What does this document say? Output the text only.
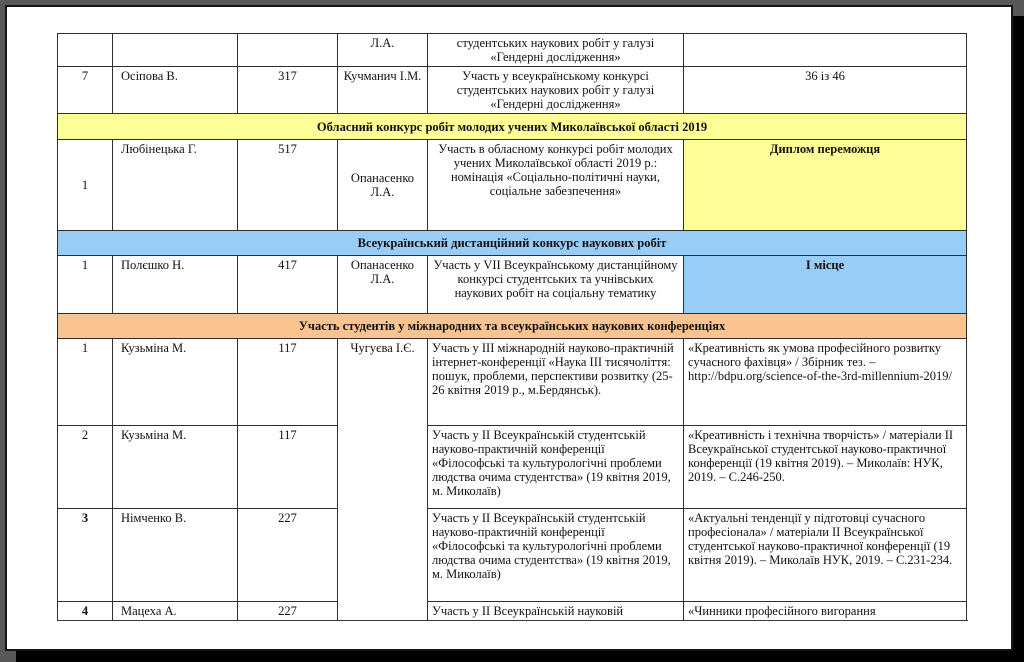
			Л.А.	студентських наукових робіт у галузі «Гендерні дослідження»	
7	Осіпова В.	317	Кучманич І.М.	Участь у всеукраїнському конкурсі студентських наукових робіт у галузі «Гендерні дослідження»	36 із 46
Обласний конкурс робіт молодих учених Миколаївської області 2019					
1	Любінецька Г.	517	Опанасенко Л.А.	Участь в обласному конкурсі робіт молодих учених Миколаївської області 2019 р.: номінація «Соціально-політичні науки, соціальне забезпечення»	Диплом переможця
Всеукраїнський дистанційний конкурс наукових робіт					
1	Полєшко Н.	417	Опанасенко Л.А.	Участь у VII Всеукраїнському дистанційному конкурсі студентських та учнівських наукових робіт на соціальну тематику	І місце
Участь студентів у міжнародних та всеукраїнських наукових конференціях					
1	Кузьміна М.	117	Чугуєва І.Є.	Участь у ІІІ міжнародній науково-практичній інтернет-конференції «Наука ІІІ тисячоліття: пошук, проблеми, перспективи розвитку (25-26 квітня 2019 р., м.Бердянськ).	«Креативність як умова професійного розвитку сучасного фахівця» / Збірник тез. –http://bdpu.org/science-of-the-3rd-millennium-2019/
2	Кузьміна М.	117		Участь у ІІ Всеукраїнській студентській науково-практичній конференції «Філософські та культурологічні проблеми людства очима студентства» (19 квітня 2019, м. Миколаїв)	«Креативність і технічна творчість» / матеріали ІІ Всеукраїнської студентської науково-практичної конференції (19 квітня 2019). – Миколаїв: НУК, 2019. – С.246-250.
3	Німченко В.	227		Участь у ІІ Всеукраїнській студентській науково-практичній конференції «Філософські та культурологічні проблеми людства очима студентства» (19 квітня 2019, м. Миколаїв)	«Актуальні тенденції у підготовці сучасного професіонала» / матеріали ІІ Всеукраїнської студентської науково-практичної конференції (19 квітня 2019). – Миколаїв НУК, 2019. – С.231-234.
4	Мацеха А.	227		Участь у ІІ Всеукраїнській науковій	«Чинники професійного вигорання
